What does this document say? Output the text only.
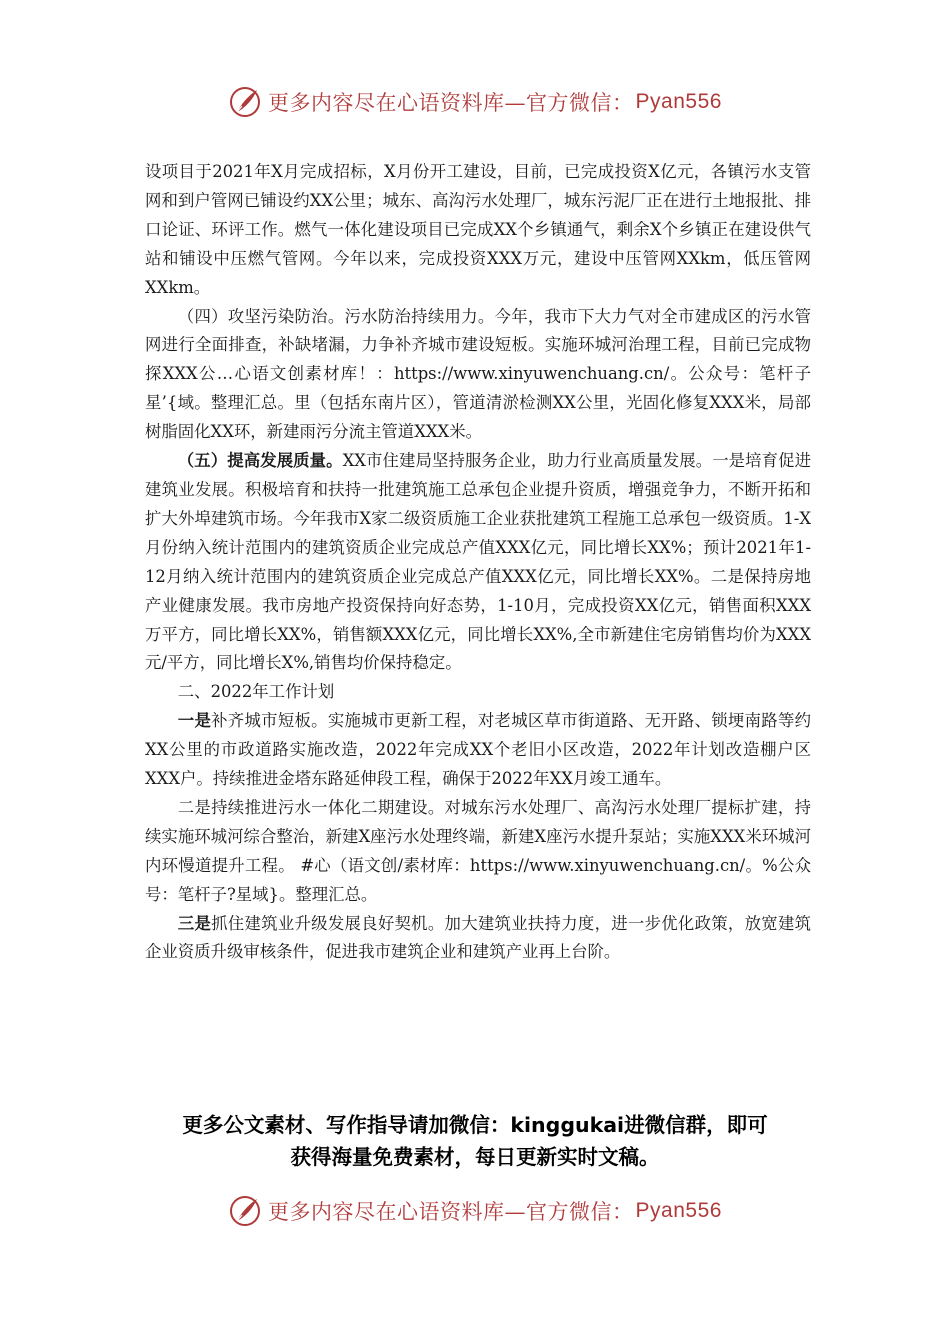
更多内容尽在心语资料库—官方微信： Pyan556

设项目于2021年X月完成招标，X月份开工建设，目前，已完成投资X亿元，各镇污水支管网和到户管网已铺设约XX公里；城东、高沟污水处理厂，城东污泥厂正在进行土地报批、排口论证、环评工作。燃气一体化建设项目已完成XX个乡镇通气，剩余X个乡镇正在建设供气站和铺设中压燃气管网。今年以来，完成投资XXX万元，建设中压管网XXkm，低压管网XXkm。

（四）攻坚污染防治。污水防治持续用力。今年，我市下大力气对全市建成区的污水管网进行全面排查，补缺堵漏，力争补齐城市建设短板。实施环城河治理工程，目前已完成物探XXX公…心语文创素材库！：https://www.xinyuwenchuang.cn/。公众号：笔杆子星’{域。整理汇总。里（包括东南片区），管道清淤检测XX公里，光固化修复XXX米，局部树脂固化XX环，新建雨污分流主管道XXX米。

（五）提高发展质量。XX市住建局坚持服务企业，助力行业高质量发展。一是培育促进建筑业发展。积极培育和扶持一批建筑施工总承包企业提升资质，增强竞争力，不断开拓和扩大外埠建筑市场。今年我市X家二级资质施工企业获批建筑工程施工总承包一级资质。1-X月份纳入统计范围内的建筑资质企业完成总产值XXX亿元，同比增长XX%；预计2021年1-12月纳入统计范围内的建筑资质企业完成总产值XXX亿元，同比增长XX%。二是保持房地产业健康发展。我市房地产投资保持向好态势，1-10月，完成投资XX亿元，销售面积XXX万平方，同比增长XX%，销售额XXX亿元，同比增长XX%,全市新建住宅房销售均价为XXX元/平方，同比增长X%,销售均价保持稳定。

二、2022年工作计划

一是补齐城市短板。实施城市更新工程，对老城区草市街道路、无开路、锁埂南路等约XX公里的市政道路实施改造，2022年完成XX个老旧小区改造，2022年计划改造棚户区XXX户。持续推进金塔东路延伸段工程，确保于2022年XX月竣工通车。

二是持续推进污水一体化二期建设。对城东污水处理厂、高沟污水处理厂提标扩建，持续实施环城河综合整治，新建X座污水处理终端，新建X座污水提升泵站；实施XXX米环城河内环慢道提升工程。 #心（语文创/素材库：https://www.xinyuwenchuang.cn/。%公众号：笔杆子?星域}。整理汇总。

三是抓住建筑业升级发展良好契机。加大建筑业扶持力度，进一步优化政策，放宽建筑企业资质升级审核条件，促进我市建筑企业和建筑产业再上台阶。

更多公文素材、写作指导请加微信：kinggukai进微信群，即可
获得海量免费素材，每日更新实时文稿。
更多内容尽在心语资料库—官方微信： Pyan556
